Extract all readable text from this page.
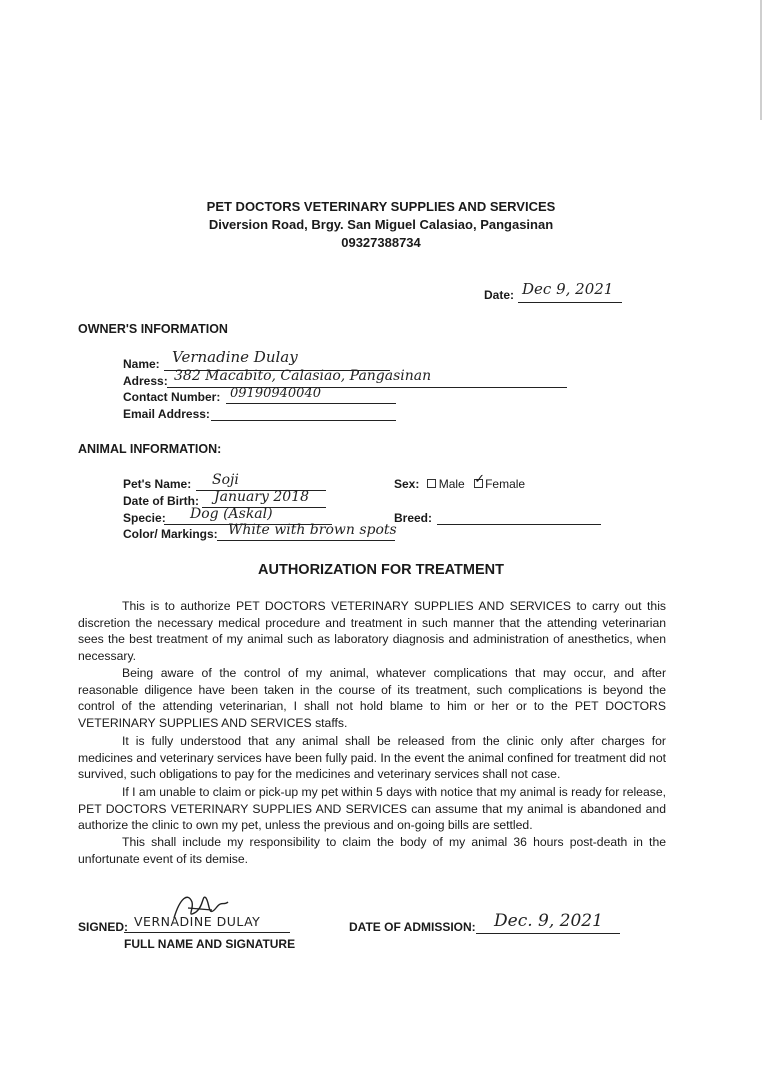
PET DOCTORS VETERINARY SUPPLIES AND SERVICES
Diversion Road, Brgy. San Miguel Calasiao, Pangasinan
09327388734
Date: Dec 9, 2021
OWNER'S INFORMATION
Name: Vernadine Dulay
Adress: 382 Macabito, Calasiao, Pangasinan
Contact Number: 09190940040
Email Address:
ANIMAL INFORMATION:
Pet's Name: Soji	Sex: Male ✓ Female
Date of Birth: January 2018
Specie: Dog (Askal)	Breed:
Color/ Markings: White with brown spots
AUTHORIZATION FOR TREATMENT

This is to authorize PET DOCTORS VETERINARY SUPPLIES AND SERVICES to carry out this discretion the necessary medical procedure and treatment in such manner that the attending veterinarian sees the best treatment of my animal such as laboratory diagnosis and administration of anesthetics, when necessary.

Being aware of the control of my animal, whatever complications that may occur, and after reasonable diligence have been taken in the course of its treatment, such complications is beyond the control of the attending veterinarian, I shall not hold blame to him or her or to the PET DOCTORS VETERINARY SUPPLIES AND SERVICES staffs.

It is fully understood that any animal shall be released from the clinic only after charges for medicines and veterinary services have been fully paid. In the event the animal confined for treatment did not survived, such obligations to pay for the medicines and veterinary services shall not case.

If I am unable to claim or pick-up my pet within 5 days with notice that my animal is ready for release, PET DOCTORS VETERINARY SUPPLIES AND SERVICES can assume that my animal is abandoned and authorize the clinic to own my pet, unless the previous and on-going bills are settled.

This shall include my responsibility to claim the body of my animal 36 hours post-death in the unfortunate event of its demise.

SIGNED: VERNADINE DULAY
FULL NAME AND SIGNATURE
DATE OF ADMISSION: Dec. 9, 2021
